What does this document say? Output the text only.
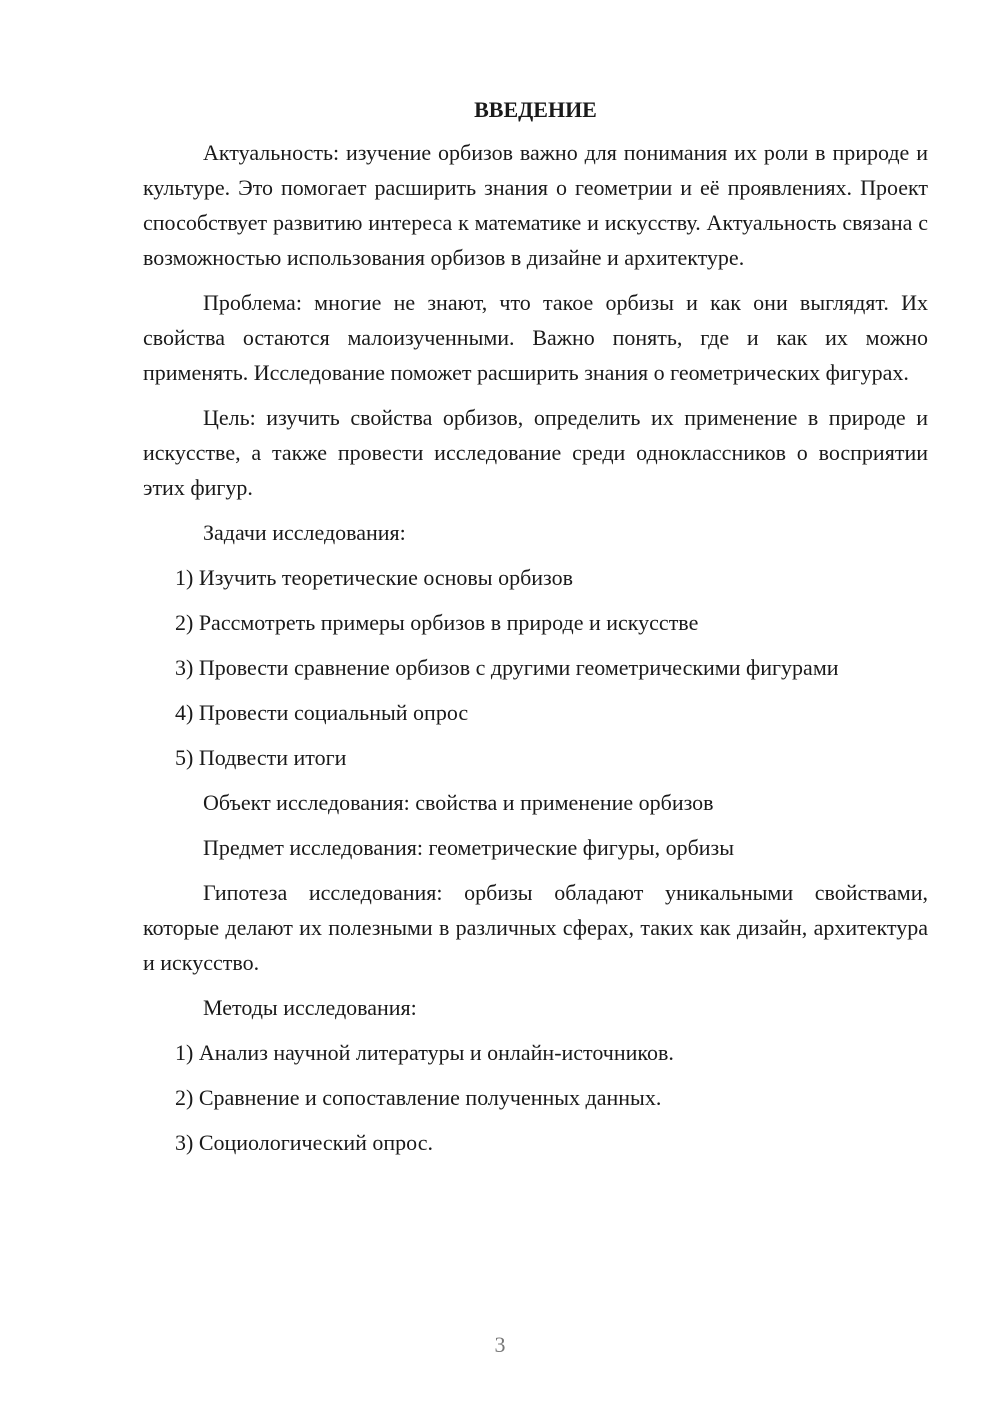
ВВЕДЕНИЕ

Актуальность: изучение орбизов важно для понимания их роли в природе и культуре. Это помогает расширить знания о геометрии и её проявлениях. Проект способствует развитию интереса к математике и искусству. Актуальность связана с возможностью использования орбизов в дизайне и архитектуре.

Проблема: многие не знают, что такое орбизы и как они выглядят. Их свойства остаются малоизученными. Важно понять, где и как их можно применять. Исследование поможет расширить знания о геометрических фигурах.

Цель: изучить свойства орбизов, определить их применение в природе и искусстве, а также провести исследование среди одноклассников о восприятии этих фигур.

Задачи исследования:
1) Изучить теоретические основы орбизов
2) Рассмотреть примеры орбизов в природе и искусстве
3) Провести сравнение орбизов с другими геометрическими фигурами
4) Провести социальный опрос
5) Подвести итоги
Объект исследования: свойства и применение орбизов
Предмет исследования: геометрические фигуры, орбизы

Гипотеза исследования: орбизы обладают уникальными свойствами, которые делают их полезными в различных сферах, таких как дизайн, архитектура и искусство.

Методы исследования:
1) Анализ научной литературы и онлайн-источников.
2) Сравнение и сопоставление полученных данных.
3) Социологический опрос.
3
